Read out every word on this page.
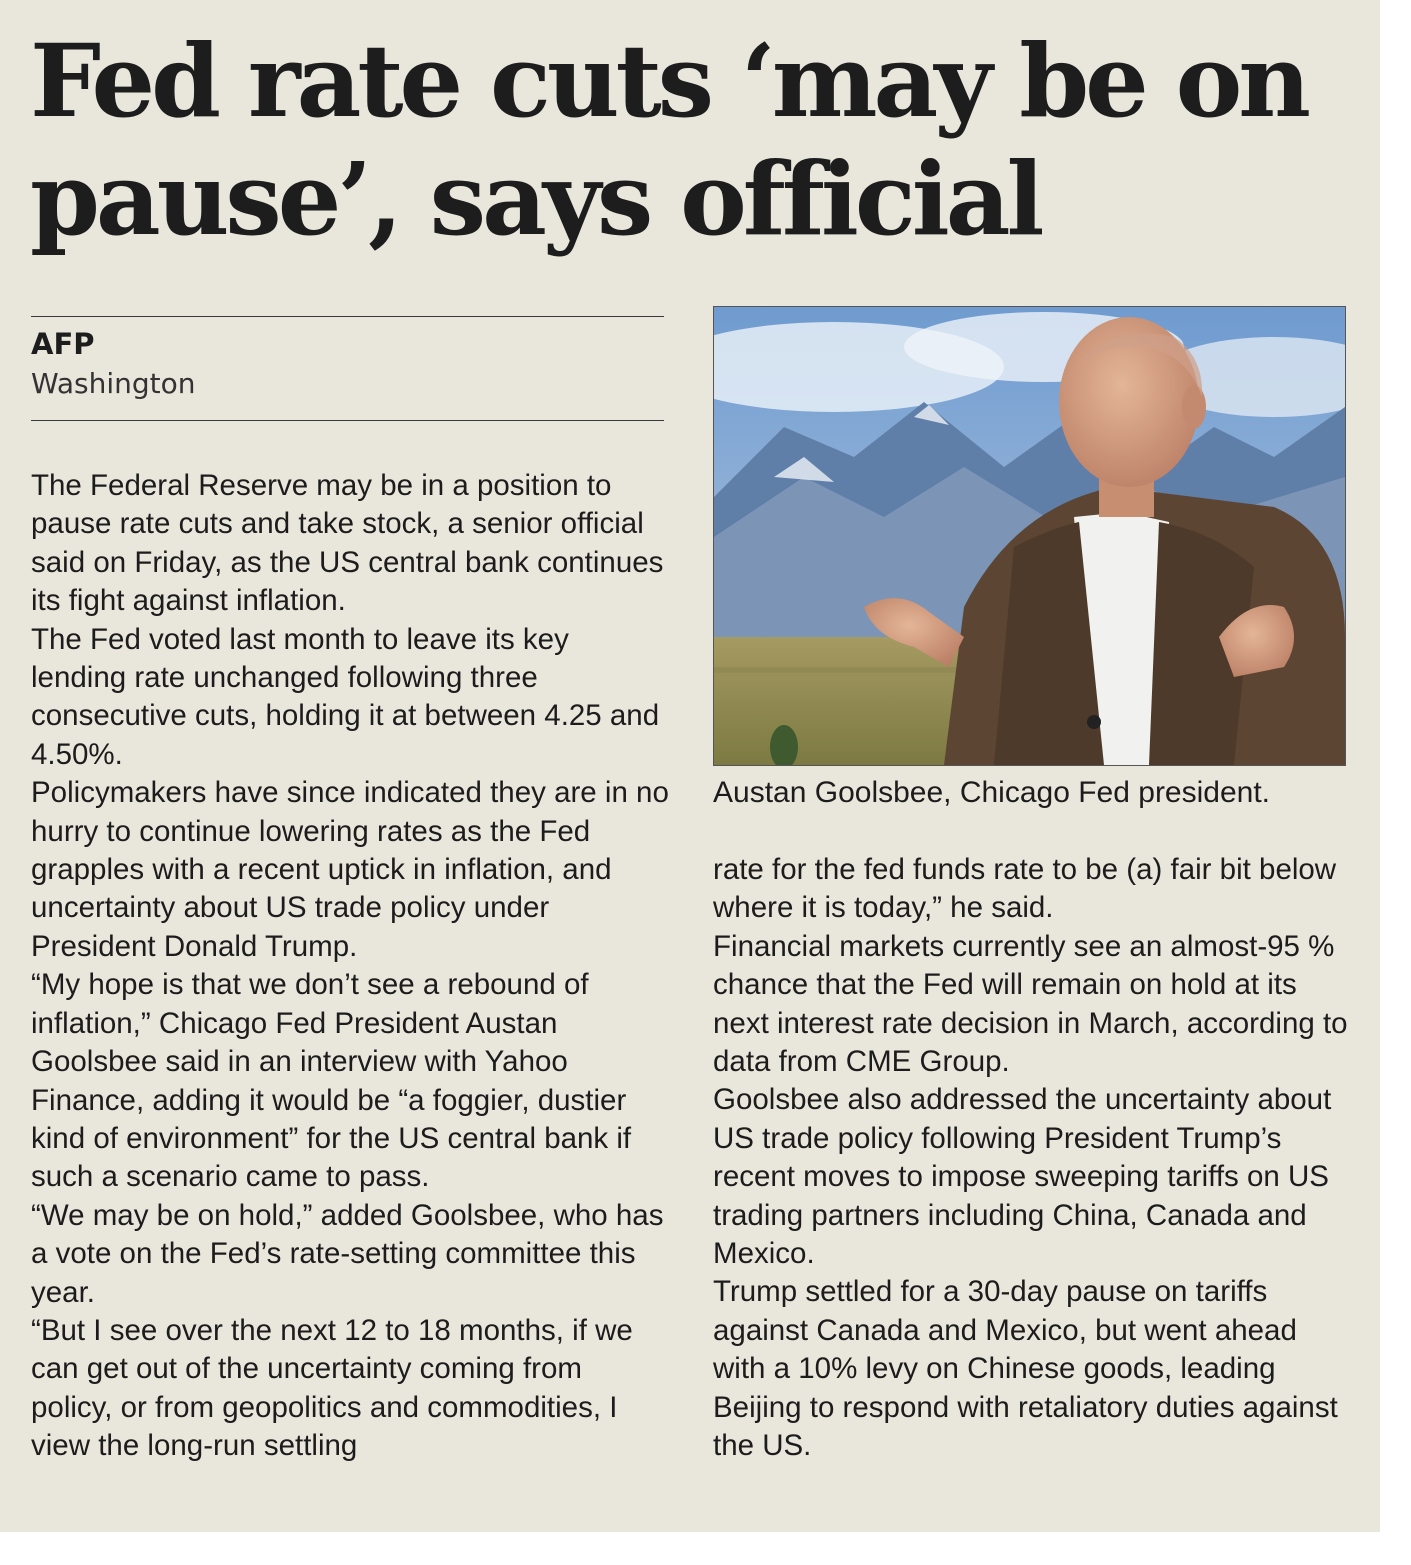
Fed rate cuts ‘may be on
pause’, says official
AFP
Washington

The Federal Reserve may be in a position to pause rate cuts and take stock, a senior official said on Friday, as the US central bank continues its fight against inflation.

The Fed voted last month to leave its key lending rate unchanged following three consecutive cuts, holding it at between 4.25 and 4.50%.

Policymakers have since indicated they are in no hurry to continue lowering rates as the Fed grapples with a recent uptick in inflation, and uncertainty about US trade policy under President Donald Trump.

“My hope is that we don’t see a rebound of inflation,” Chicago Fed President Austan Goolsbee said in an interview with Yahoo Finance, adding it would be “a foggier, dustier kind of environment” for the US central bank if such a scenario came to pass.

“We may be on hold,” added Goolsbee, who has a vote on the Fed’s rate-setting committee this year.

“But I see over the next 12 to 18 months, if we can get out of the uncertainty coming from policy, or from geopolitics and commodities, I view the long-run settling

Austan Goolsbee, Chicago Fed president.

rate for the fed funds rate to be (a) fair bit below where it is today,” he said.

Financial markets currently see an almost-95 % chance that the Fed will remain on hold at its next interest rate decision in March, according to data from CME Group.

Goolsbee also addressed the uncertainty about US trade policy following President Trump’s recent moves to impose sweeping tariffs on US trading partners including China, Canada and Mexico.

Trump settled for a 30-day pause on tariffs against Canada and Mexico, but went ahead with a 10% levy on Chinese goods, leading Beijing to respond with retaliatory duties against the US.
